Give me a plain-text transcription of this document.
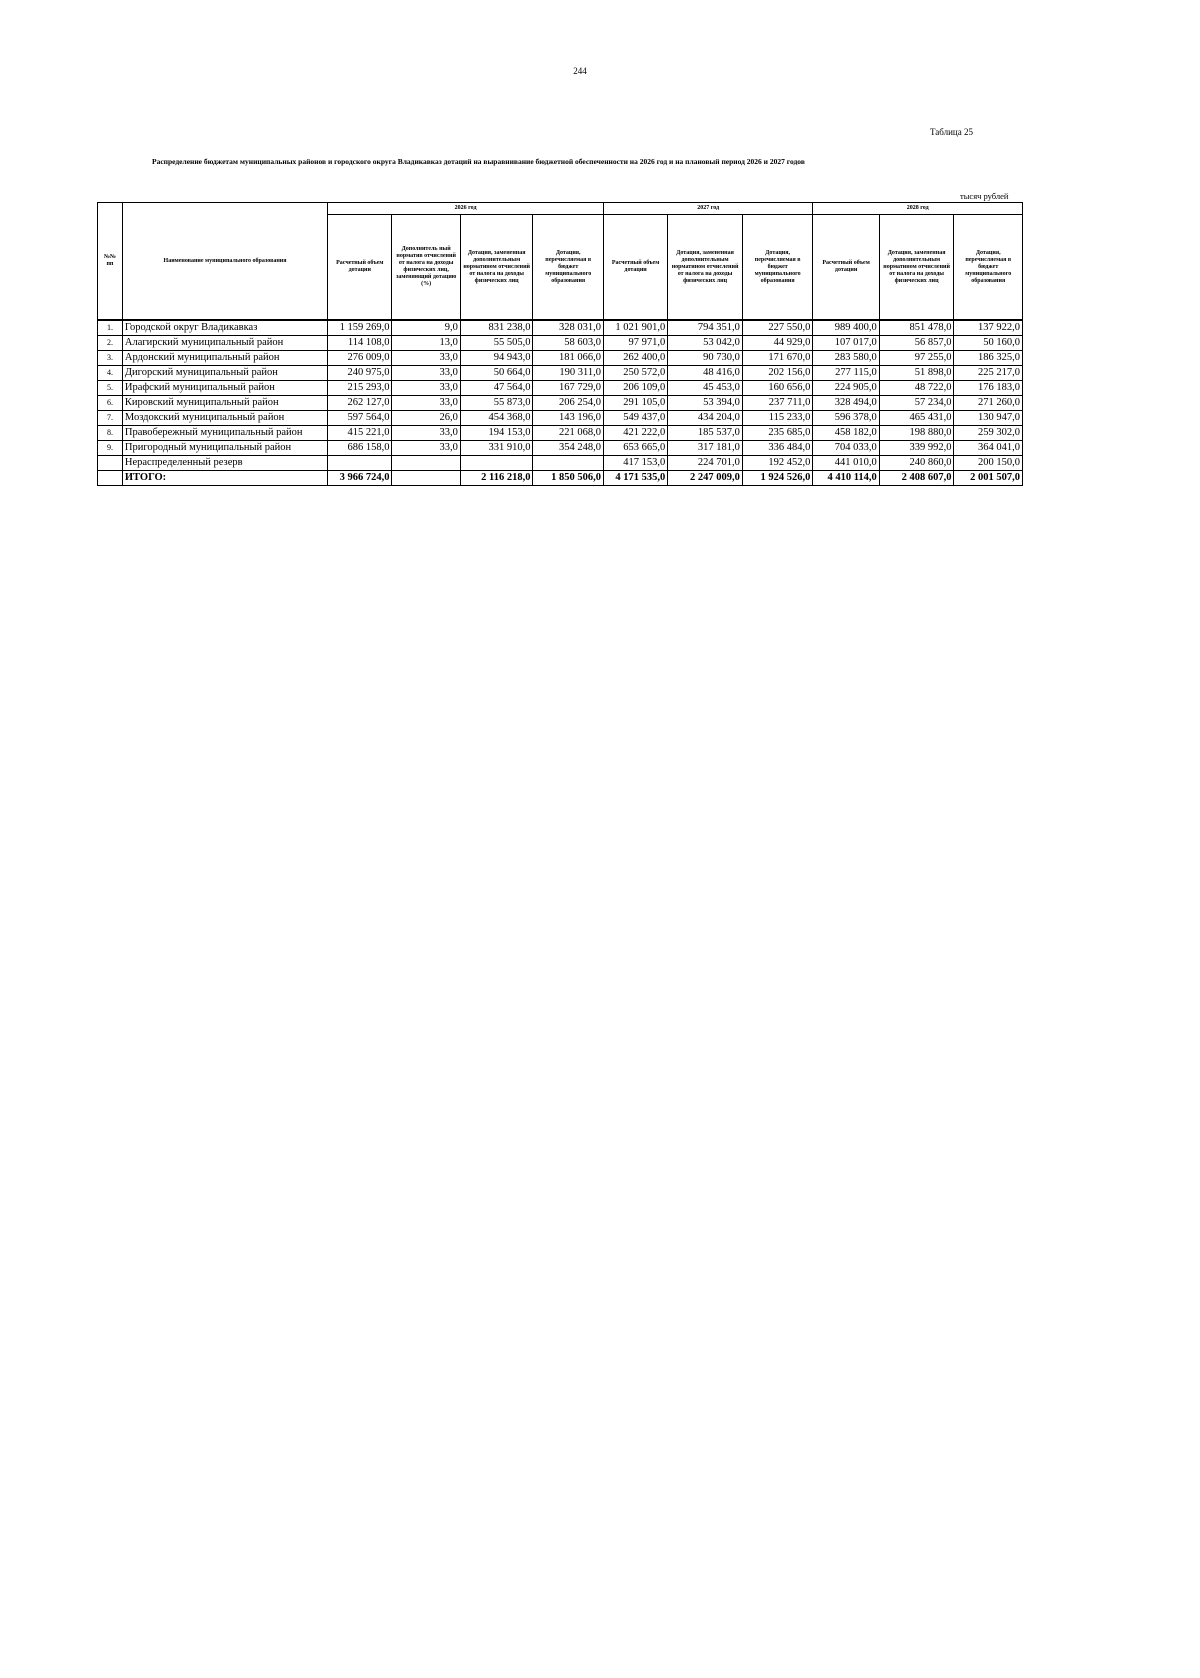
244
Таблица 25
Распределение бюджетам муниципальных районов и городского округа Владикавказ дотаций на выравнивание бюджетной обеспеченности на 2026 год и на плановый период 2026 и 2027 годов
тысяч рублей
№№ пп	Наименование муниципального образования	2026 год				2027 год			2028 год		
		Расчетный объем дотации	Дополнитель ный норматив отчислений от налога на доходы физических лиц, заменяющий дотацию (%)	Дотация, замененная дополнительным норматином отчислений от налога на доходы физических лиц	Дотация, перечисляемая в бюджет муниципального образования	Расчетный объем дотации	Дотация, замененная дополнительным норматином отчислений от налога на доходы физических лиц	Дотация, перечисляемая в бюджет муниципального образования	Расчетный объем дотации	Дотация, замененная дополнительным норматином отчислений от налога на доходы физических лиц	Дотация, перечисляемая в бюджет муниципального образования
1.	Городской округ Владикавказ	1 159 269,0	9,0	831 238,0	328 031,0	1 021 901,0	794 351,0	227 550,0	989 400,0	851 478,0	137 922,0
2.	Алагирский муниципальный район	114 108,0	13,0	55 505,0	58 603,0	97 971,0	53 042,0	44 929,0	107 017,0	56 857,0	50 160,0
3.	Ардонский муниципальный район	276 009,0	33,0	94 943,0	181 066,0	262 400,0	90 730,0	171 670,0	283 580,0	97 255,0	186 325,0
4.	Дигорский муниципальный район	240 975,0	33,0	50 664,0	190 311,0	250 572,0	48 416,0	202 156,0	277 115,0	51 898,0	225 217,0
5.	Ирафский муниципальный район	215 293,0	33,0	47 564,0	167 729,0	206 109,0	45 453,0	160 656,0	224 905,0	48 722,0	176 183,0
6.	Кировский муниципальный район	262 127,0	33,0	55 873,0	206 254,0	291 105,0	53 394,0	237 711,0	328 494,0	57 234,0	271 260,0
7.	Моздокский муниципальный район	597 564,0	26,0	454 368,0	143 196,0	549 437,0	434 204,0	115 233,0	596 378,0	465 431,0	130 947,0
8.	Правобережный муниципальный район	415 221,0	33,0	194 153,0	221 068,0	421 222,0	185 537,0	235 685,0	458 182,0	198 880,0	259 302,0
9.	Пригородный муниципальный район	686 158,0	33,0	331 910,0	354 248,0	653 665,0	317 181,0	336 484,0	704 033,0	339 992,0	364 041,0
	Нераспределенный резерв					417 153,0	224 701,0	192 452,0	441 010,0	240 860,0	200 150,0
	ИТОГО:	3 966 724,0		2 116 218,0	1 850 506,0	4 171 535,0	2 247 009,0	1 924 526,0	4 410 114,0	2 408 607,0	2 001 507,0
